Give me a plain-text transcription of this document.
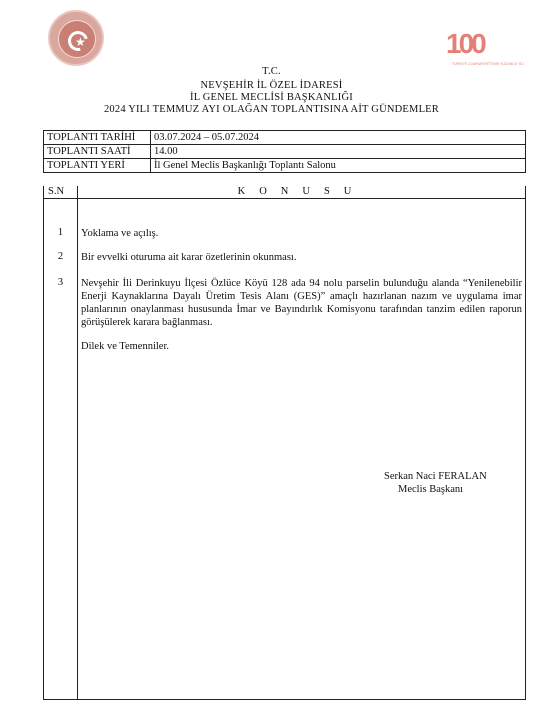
★	100
TÜRKİYE CUMHURİYETİ'NİN YÜZÜNCÜ YILI
T.C.
NEVŞEHİR İL ÖZEL İDARESİ
İL GENEL MECLİSİ BAŞKANLIĞI
2024 YILI TEMMUZ AYI OLAĞAN TOPLANTISINA AİT GÜNDEMLER
TOPLANTI TARİHİ	03.07.2024 – 05.07.2024
TOPLANTI SAATİ	14.00
TOPLANTI YERİ	İl Genel Meclis Başkanlığı Toplantı Salonu
S.N	KONUSU
1	Yoklama ve açılış.
2	Bir evvelki oturuma ait karar özetlerinin okunması.
3	Nevşehir İli Derinkuyu İlçesi Özlüce Köyü 128 ada 94 nolu parselin bulunduğu alanda “Yenilenebilir Enerji Kaynaklarına Dayalı Üretim Tesis Alanı (GES)” amaçlı hazırlanan nazım ve uygulama imar planlarının onaylanması hususunda İmar ve Bayındırlık Komisyonu tarafından tanzim edilen raporun görüşülerek karara bağlanması.
Dilek ve Temenniler.
Serkan Naci FERALAN
Meclis Başkanı
